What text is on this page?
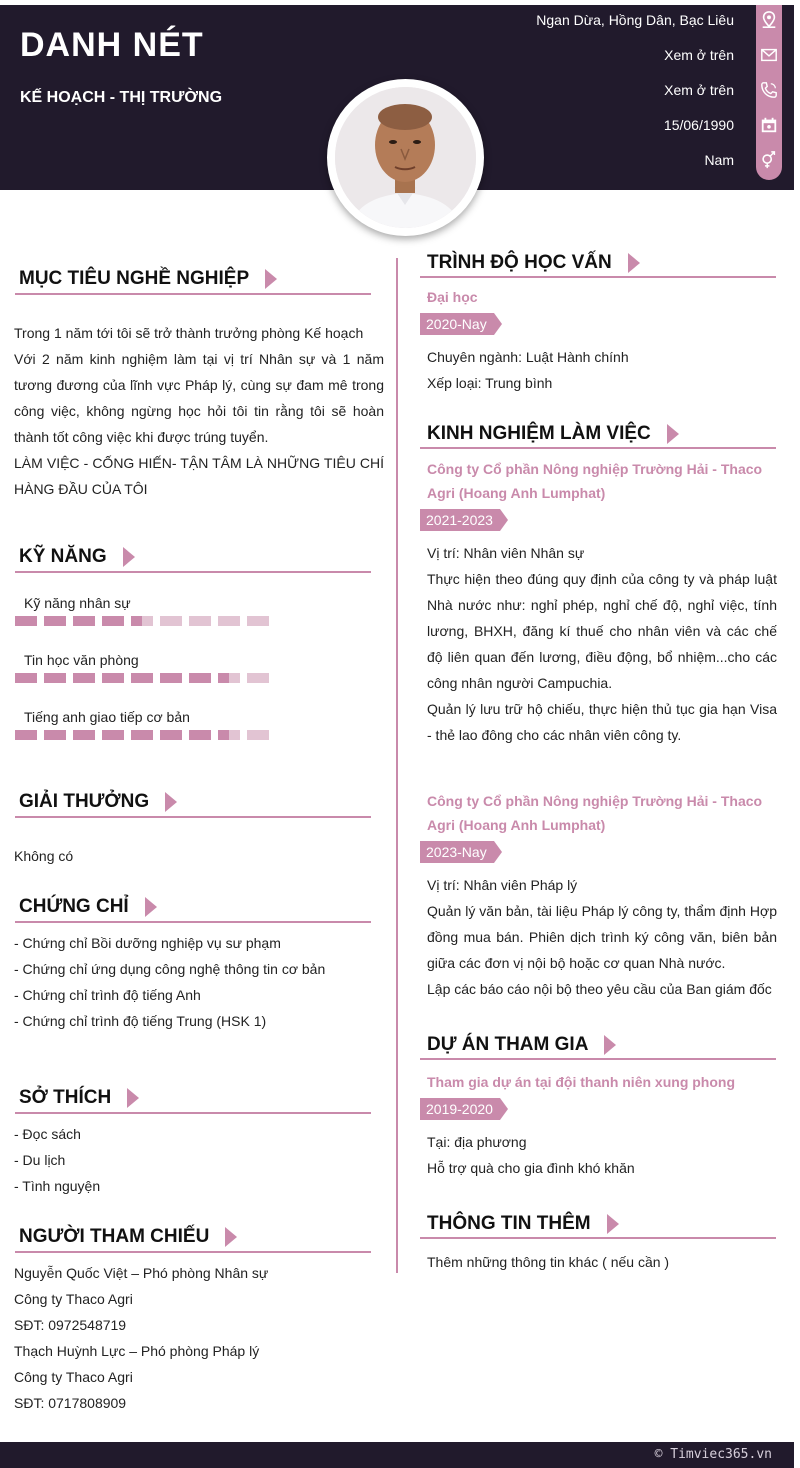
DANH NÉT
KẾ HOẠCH - THỊ TRƯỜNG
Ngan Dừa, Hồng Dân, Bạc Liêu
Xem ở trên
Xem ở trên
15/06/1990
Nam
MỤC TIÊU NGHỀ NGHIỆP
Trong 1 năm tới tôi sẽ trở thành trưởng phòng Kế hoạch
Với 2 năm kinh nghiệm làm tại vị trí Nhân sự và 1 năm tương đương của lĩnh vực Pháp lý, cùng sự đam mê trong công việc, không ngừng học hỏi tôi tin rằng tôi sẽ hoàn thành tốt công việc khi được trúng tuyển.
LÀM VIỆC - CỐNG HIẾN- TẬN TÂM LÀ NHỮNG TIÊU CHÍ HÀNG ĐẦU CỦA TÔI
KỸ NĂNG
Kỹ năng nhân sự
Tin học văn phòng
Tiếng anh giao tiếp cơ bản
GIẢI THƯỞNG
Không có
CHỨNG CHỈ
- Chứng chỉ Bồi dưỡng nghiệp vụ sư phạm
- Chứng chỉ ứng dụng công nghệ thông tin cơ bản
- Chứng chỉ trình độ tiếng Anh
- Chứng chỉ trình độ tiếng Trung (HSK 1)
SỞ THÍCH
- Đọc sách
- Du lịch
- Tình nguyện
NGƯỜI THAM CHIẾU
Nguyễn Quốc Việt – Phó phòng Nhân sự
Công ty Thaco Agri
SĐT: 0972548719
Thạch Huỳnh Lực – Phó phòng Pháp lý
Công ty Thaco Agri
SĐT: 0717808909
TRÌNH ĐỘ HỌC VẤN
Đại học
2020-Nay
Chuyên ngành: Luật Hành chính
Xếp loại: Trung bình
KINH NGHIỆM LÀM VIỆC
Công ty Cổ phần Nông nghiệp Trường Hải - Thaco Agri (Hoang Anh Lumphat)
2021-2023
Vị trí: Nhân viên Nhân sự
Thực hiện theo đúng quy định của công ty và pháp luật Nhà nước như: nghỉ phép, nghỉ chế độ, nghỉ việc, tính lương, BHXH, đăng kí thuế cho nhân viên và các chế độ liên quan đến lương, điều động, bổ nhiệm...cho các công nhân người Campuchia.
Quản lý lưu trữ hộ chiếu, thực hiện thủ tục gia hạn Visa - thẻ lao đông cho các nhân viên công ty.
Công ty Cổ phần Nông nghiệp Trường Hải - Thaco Agri (Hoang Anh Lumphat)
2023-Nay
Vị trí: Nhân viên Pháp lý
Quản lý văn bản, tài liệu Pháp lý công ty, thẩm định Hợp đồng mua bán. Phiên dịch trình ký công văn, biên bản giữa các đơn vị nội bộ hoặc cơ quan Nhà nước.
Lập các báo cáo nội bộ theo yêu cầu của Ban giám đốc
DỰ ÁN THAM GIA
Tham gia dự án tại đội thanh niên xung phong
2019-2020
Tại: địa phương
Hỗ trợ quà cho gia đình khó khăn
THÔNG TIN THÊM
Thêm những thông tin khác ( nếu cần )
© Timviec365.vn
